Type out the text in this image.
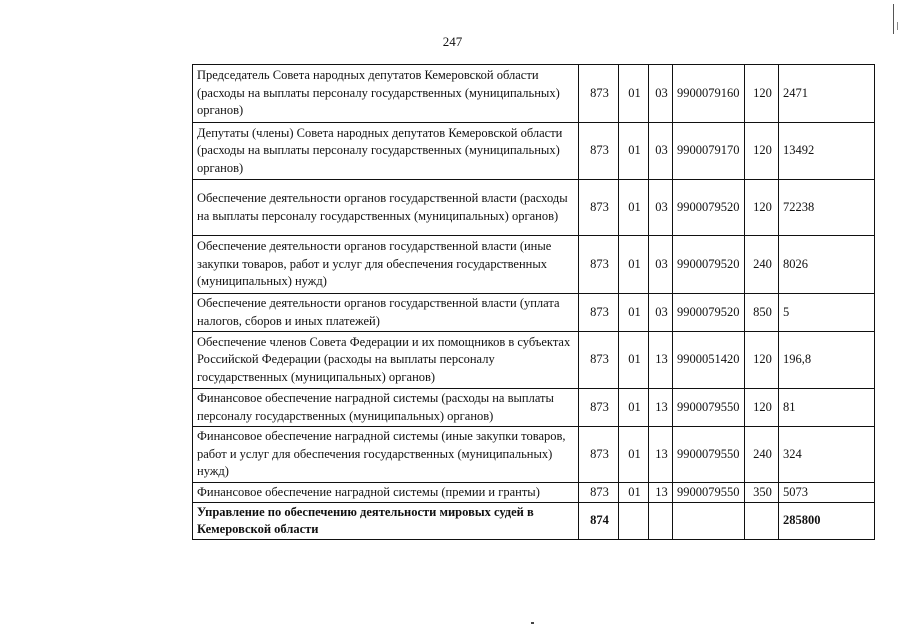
247
Председатель Совета народных депутатов Кемеровской области (расходы на выплаты персоналу государственных (муниципальных) органов)	873	01	03	9900079160	120	2471
Депутаты (члены) Совета народных депутатов Кемеровской области (расходы на выплаты персоналу государственных (муниципальных) органов)	873	01	03	9900079170	120	13492
Обеспечение деятельности органов государственной власти (расходы на выплаты персоналу государственных (муниципальных) органов)	873	01	03	9900079520	120	72238
Обеспечение деятельности органов государственной власти (иные закупки товаров, работ и услуг для обеспечения государственных (муниципальных) нужд)	873	01	03	9900079520	240	8026
Обеспечение деятельности органов государственной власти (уплата налогов, сборов и иных платежей)	873	01	03	9900079520	850	5
Обеспечение членов Совета Федерации и их помощников в субъектах Российской Федерации (расходы на выплаты персоналу государственных (муниципальных) органов)	873	01	13	9900051420	120	196,8
Финансовое обеспечение наградной системы (расходы на выплаты персоналу государственных (муниципальных) органов)	873	01	13	9900079550	120	81
Финансовое обеспечение наградной системы (иные закупки товаров, работ и услуг для обеспечения государственных (муниципальных) нужд)	873	01	13	9900079550	240	324
Финансовое обеспечение наградной системы (премии и гранты)	873	01	13	9900079550	350	5073
Управление по обеспечению деятельности мировых судей в Кемеровской области	874					285800
